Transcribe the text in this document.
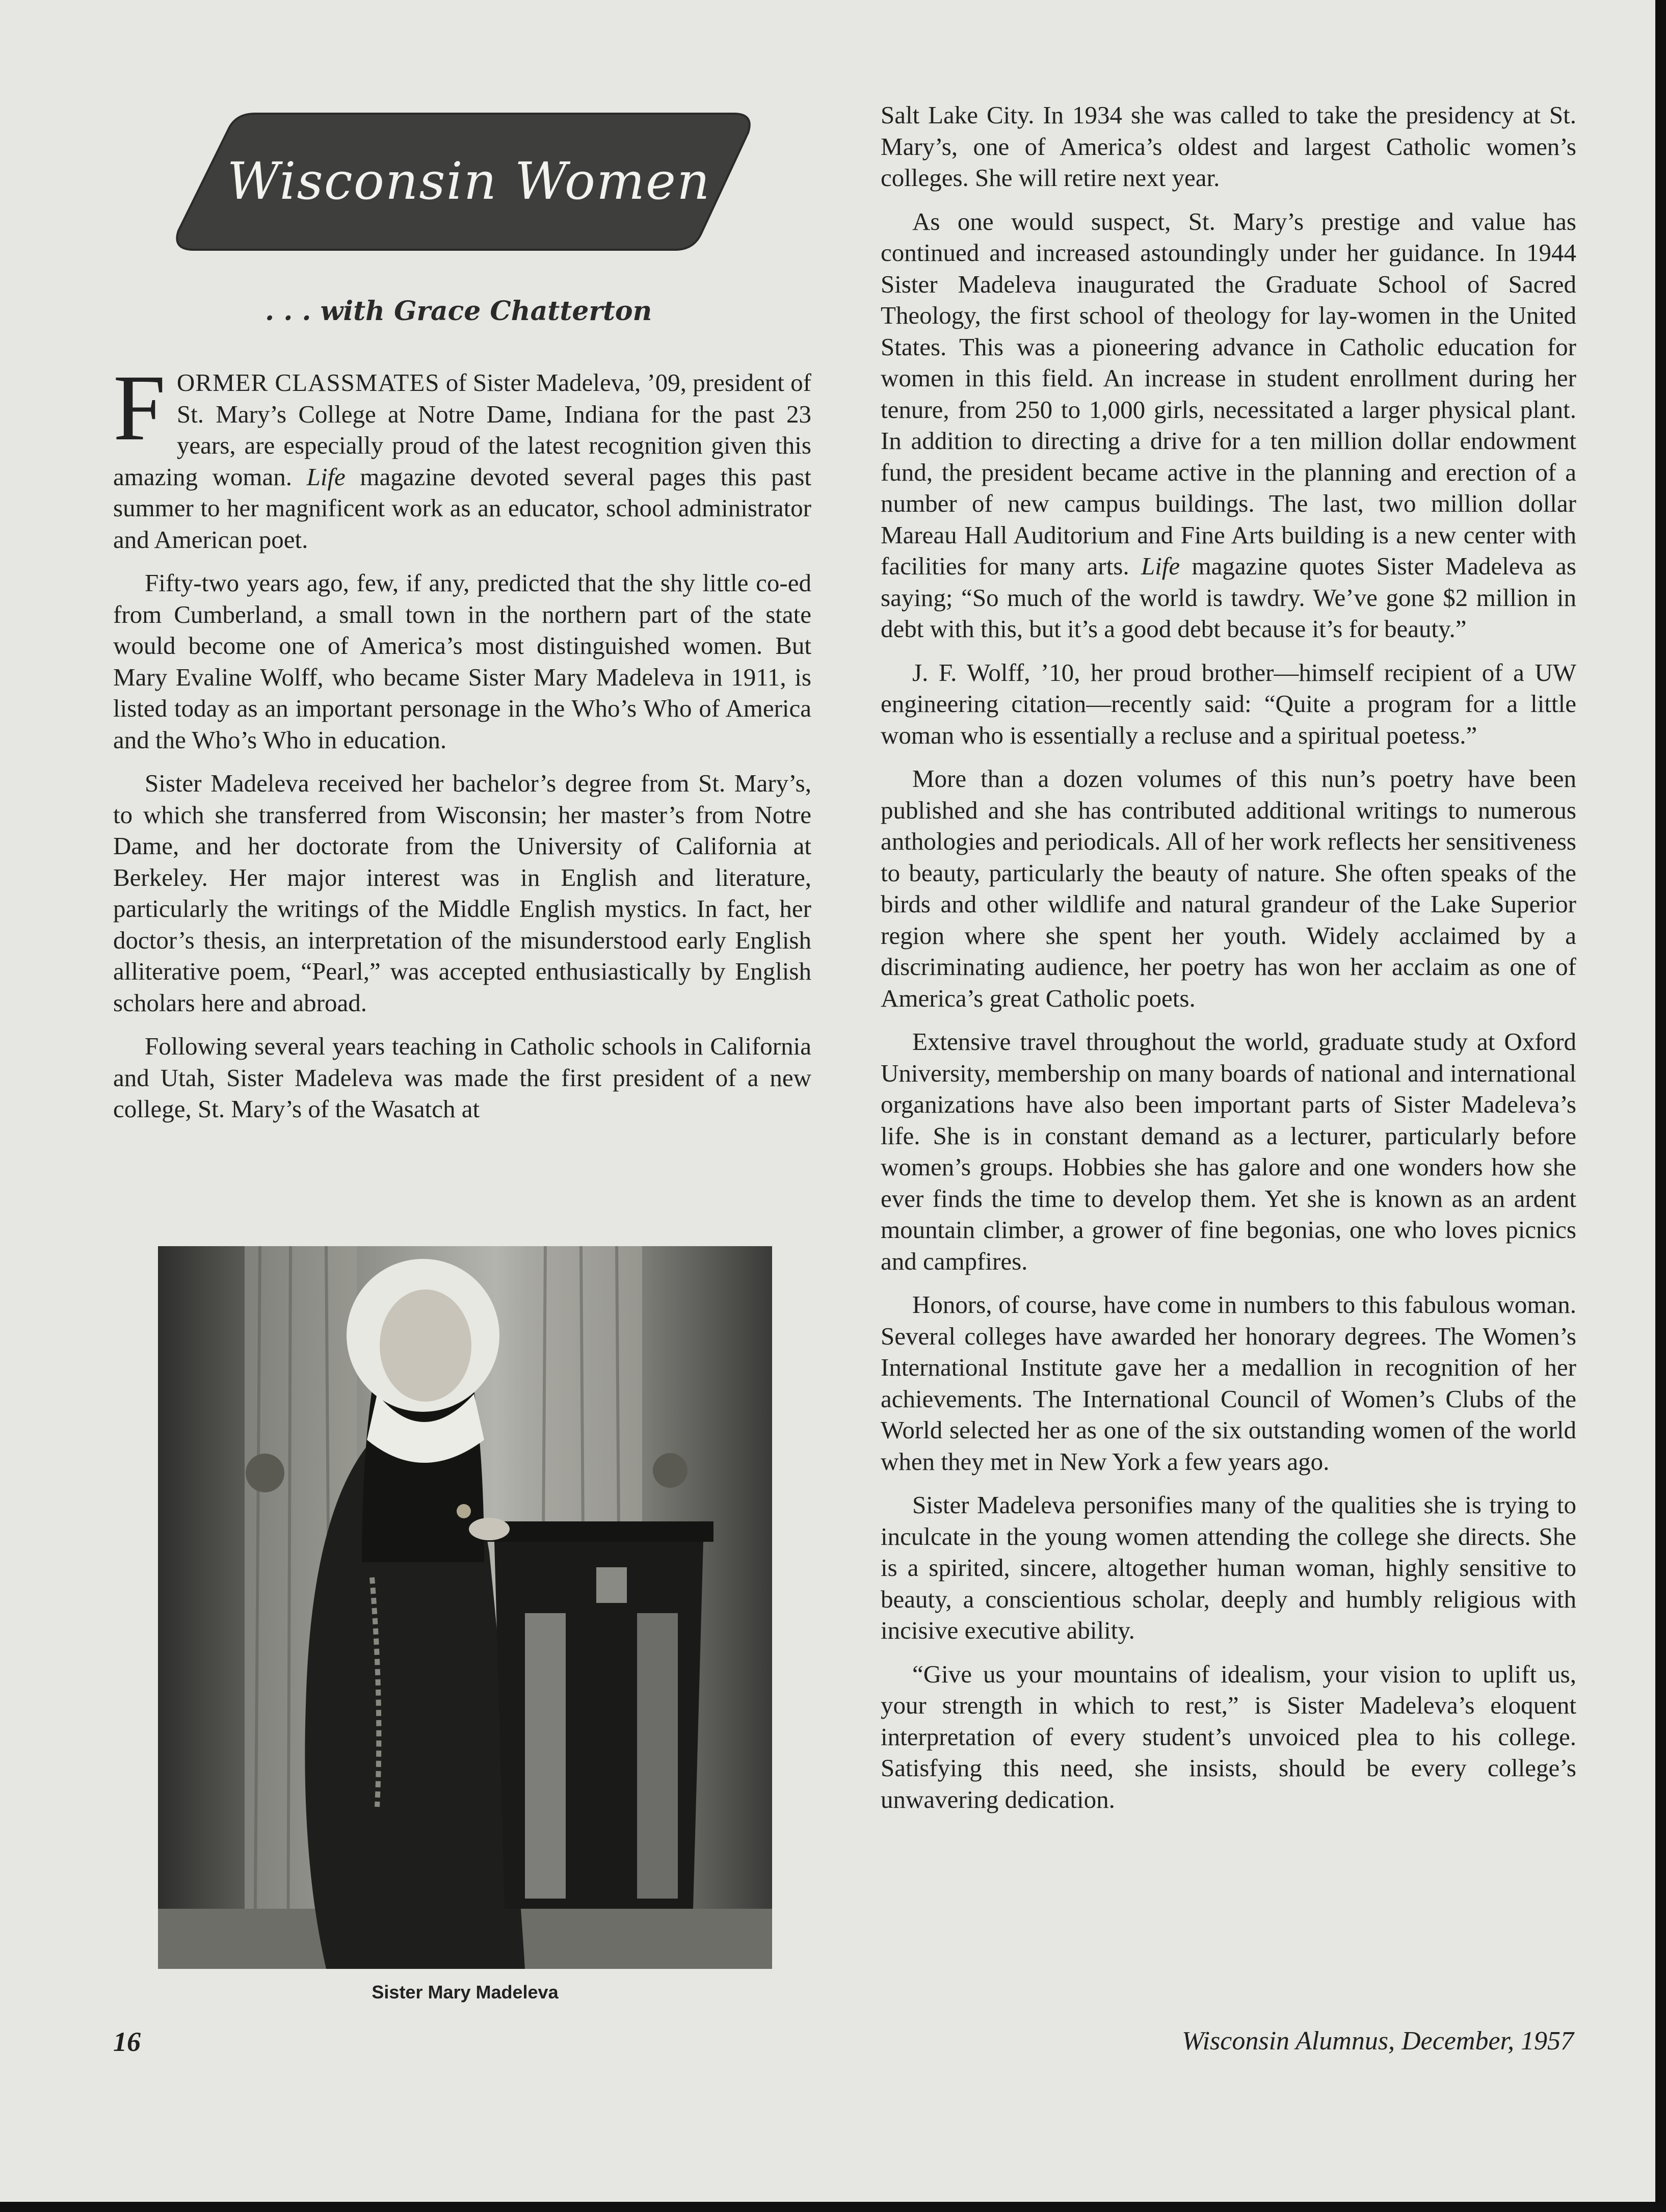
Wisconsin Women
. . . with Grace Chatterton

FORMER CLASSMATES of Sister Madeleva, ’09, president of St. Mary’s College at Notre Dame, Indiana for the past 23 years, are especially proud of the latest recognition given this amazing woman. Life magazine devoted several pages this past summer to her magnificent work as an educator, school administrator and American poet.

Fifty-two years ago, few, if any, predicted that the shy little co-ed from Cumberland, a small town in the northern part of the state would become one of America’s most distinguished women. But Mary Evaline Wolff, who became Sister Mary Madeleva in 1911, is listed today as an important personage in the Who’s Who of America and the Who’s Who in education.

Sister Madeleva received her bachelor’s degree from St. Mary’s, to which she transferred from Wisconsin; her master’s from Notre Dame, and her doctorate from the University of California at Berkeley. Her major interest was in English and literature, particularly the writings of the Middle English mystics. In fact, her doctor’s thesis, an interpretation of the misunderstood early English alliterative poem, “Pearl,” was accepted enthusiastically by English scholars here and abroad.

Following several years teaching in Catholic schools in California and Utah, Sister Madeleva was made the first president of a new college, St. Mary’s of the Wasatch at

Sister Mary Madeleva

Salt Lake City. In 1934 she was called to take the presidency at St. Mary’s, one of America’s oldest and largest Catholic women’s colleges. She will retire next year.

As one would suspect, St. Mary’s prestige and value has continued and increased astoundingly under her guidance. In 1944 Sister Madeleva inaugurated the Graduate School of Sacred Theology, the first school of theology for lay-women in the United States. This was a pioneering advance in Catholic education for women in this field. An increase in student enrollment during her tenure, from 250 to 1,000 girls, necessitated a larger physical plant. In addition to directing a drive for a ten million dollar endowment fund, the president became active in the planning and erection of a number of new campus buildings. The last, two million dollar Mareau Hall Auditorium and Fine Arts building is a new center with facilities for many arts. Life magazine quotes Sister Madeleva as saying; “So much of the world is tawdry. We’ve gone $2 million in debt with this, but it’s a good debt because it’s for beauty.”

J. F. Wolff, ’10, her proud brother—himself recipient of a UW engineering citation—recently said: “Quite a program for a little woman who is essentially a recluse and a spiritual poetess.”

More than a dozen volumes of this nun’s poetry have been published and she has contributed additional writings to numerous anthologies and periodicals. All of her work reflects her sensitiveness to beauty, particularly the beauty of nature. She often speaks of the birds and other wildlife and natural grandeur of the Lake Superior region where she spent her youth. Widely acclaimed by a discriminating audience, her poetry has won her acclaim as one of America’s great Catholic poets.

Extensive travel throughout the world, graduate study at Oxford University, membership on many boards of national and international organizations have also been important parts of Sister Madeleva’s life. She is in constant demand as a lecturer, particularly before women’s groups. Hobbies she has galore and one wonders how she ever finds the time to develop them. Yet she is known as an ardent mountain climber, a grower of fine begonias, one who loves picnics and campfires.

Honors, of course, have come in numbers to this fabulous woman. Several colleges have awarded her honorary degrees. The Women’s International Institute gave her a medallion in recognition of her achievements. The International Council of Women’s Clubs of the World selected her as one of the six outstanding women of the world when they met in New York a few years ago.

Sister Madeleva personifies many of the qualities she is trying to inculcate in the young women attending the college she directs. She is a spirited, sincere, altogether human woman, highly sensitive to beauty, a conscientious scholar, deeply and humbly religious with incisive executive ability.

“Give us your mountains of idealism, your vision to uplift us, your strength in which to rest,” is Sister Madeleva’s eloquent interpretation of every student’s unvoiced plea to his college. Satisfying this need, she insists, should be every college’s unwavering dedication.

16	Wisconsin Alumnus, December, 1957
